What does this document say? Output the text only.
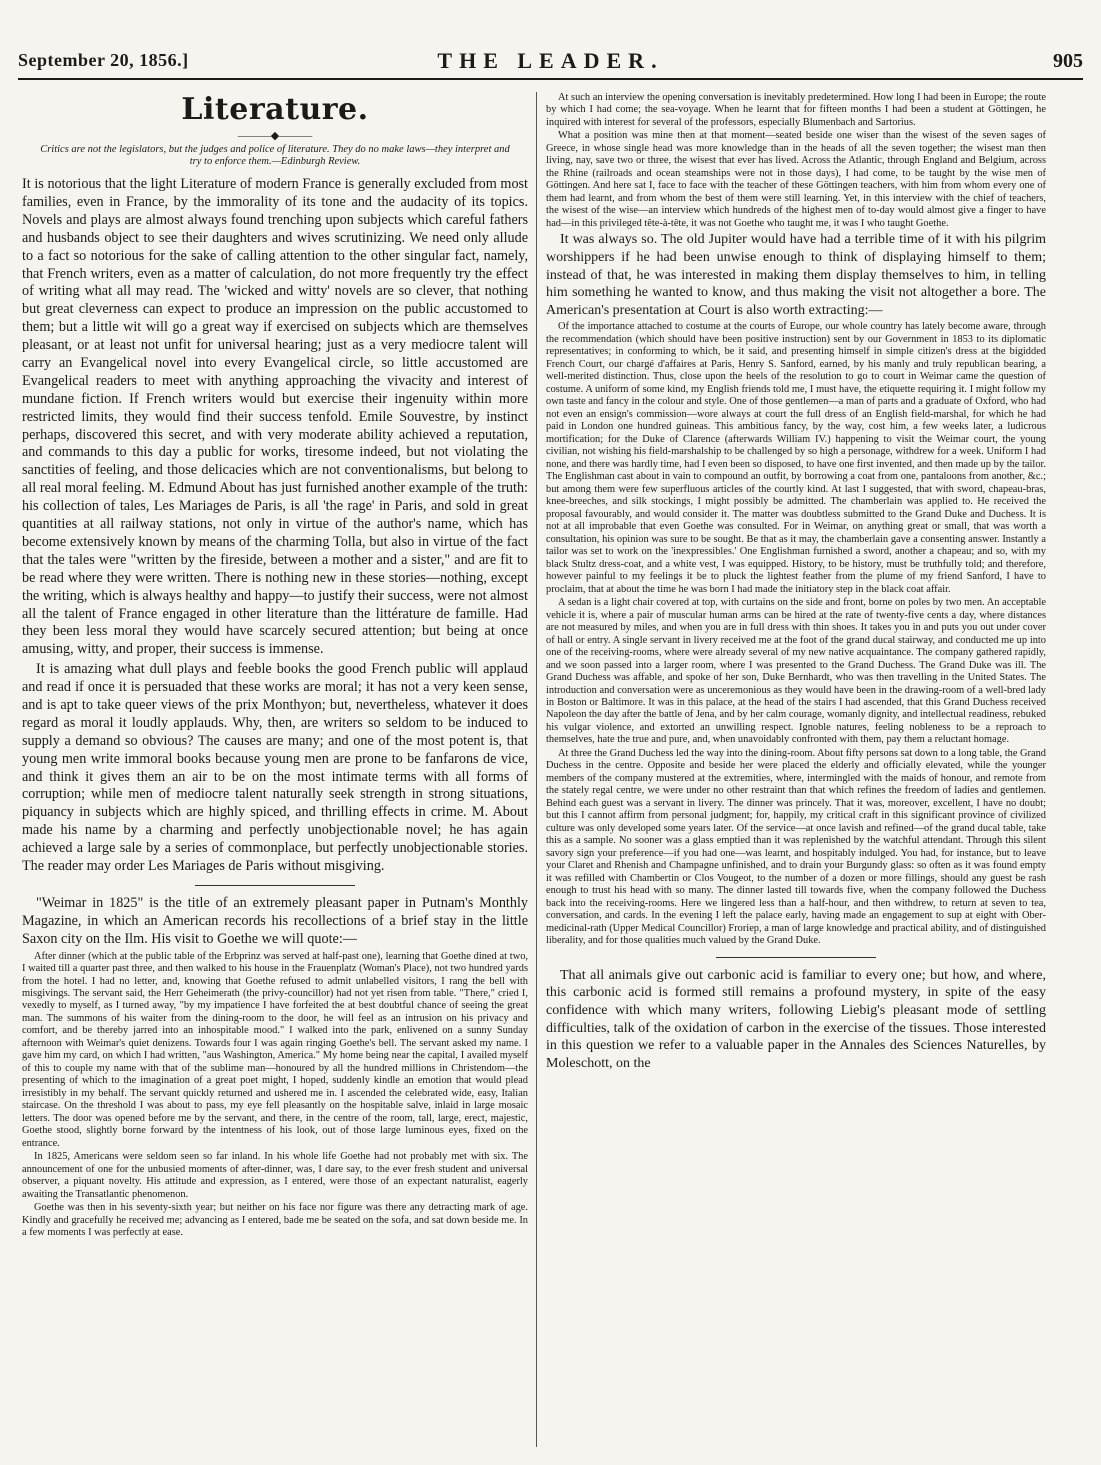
September 20, 1856.]	THE LEADER.	905
Literature.
———◆———
Critics are not the legislators, but the judges and police of literature. They do no make laws—they interpret and try to enforce them.—Edinburgh Review.

It is notorious that the light Literature of modern France is generally excluded from most families, even in France, by the immorality of its tone and the audacity of its topics. Novels and plays are almost always found trenching upon subjects which careful fathers and husbands object to see their daughters and wives scrutinizing. We need only allude to a fact so notorious for the sake of calling attention to the other singular fact, namely, that French writers, even as a matter of calculation, do not more frequently try the effect of writing what all may read. The 'wicked and witty' novels are so clever, that nothing but great cleverness can expect to produce an impression on the public accustomed to them; but a little wit will go a great way if exercised on subjects which are themselves pleasant, or at least not unfit for universal hearing; just as a very mediocre talent will carry an Evangelical novel into every Evangelical circle, so little accustomed are Evangelical readers to meet with anything approaching the vivacity and interest of mundane fiction. If French writers would but exercise their ingenuity within more restricted limits, they would find their success tenfold. Emile Souvestre, by instinct perhaps, discovered this secret, and with very moderate ability achieved a reputation, and commands to this day a public for works, tiresome indeed, but not violating the sanctities of feeling, and those delicacies which are not conventionalisms, but belong to all real moral feeling. M. Edmund About has just furnished another example of the truth: his collection of tales, Les Mariages de Paris, is all 'the rage' in Paris, and sold in great quantities at all railway stations, not only in virtue of the author's name, which has become extensively known by means of the charming Tolla, but also in virtue of the fact that the tales were "written by the fireside, between a mother and a sister," and are fit to be read where they were written. There is nothing new in these stories—nothing, except the writing, which is always healthy and happy—to justify their success, were not almost all the talent of France engaged in other literature than the littérature de famille. Had they been less moral they would have scarcely secured attention; but being at once amusing, witty, and proper, their success is immense.

It is amazing what dull plays and feeble books the good French public will applaud and read if once it is persuaded that these works are moral; it has not a very keen sense, and is apt to take queer views of the prix Monthyon; but, nevertheless, whatever it does regard as moral it loudly applauds. Why, then, are writers so seldom to be induced to supply a demand so obvious? The causes are many; and one of the most potent is, that young men write immoral books because young men are prone to be fanfarons de vice, and think it gives them an air to be on the most intimate terms with all forms of corruption; while men of mediocre talent naturally seek strength in strong situations, piquancy in subjects which are highly spiced, and thrilling effects in crime. M. About made his name by a charming and perfectly unobjectionable novel; he has again achieved a large sale by a series of commonplace, but perfectly unobjectionable stories. The reader may order Les Mariages de Paris without misgiving.

"Weimar in 1825" is the title of an extremely pleasant paper in Putnam's Monthly Magazine, in which an American records his recollections of a brief stay in the little Saxon city on the Ilm. His visit to Goethe we will quote:—

After dinner (which at the public table of the Erbprinz was served at half-past one), learning that Goethe dined at two, I waited till a quarter past three, and then walked to his house in the Frauenplatz (Woman's Place), not two hundred yards from the hotel. I had no letter, and, knowing that Goethe refused to admit unlabelled visitors, I rang the bell with misgivings. The servant said, the Herr Geheimerath (the privy-councillor) had not yet risen from table. "There," cried I, vexedly to myself, as I turned away, "by my impatience I have forfeited the at best doubtful chance of seeing the great man. The summons of his waiter from the dining-room to the door, he will feel as an intrusion on his privacy and comfort, and be thereby jarred into an inhospitable mood." I walked into the park, enlivened on a sunny Sunday afternoon with Weimar's quiet denizens. Towards four I was again ringing Goethe's bell. The servant asked my name. I gave him my card, on which I had written, "aus Washington, America." My home being near the capital, I availed myself of this to couple my name with that of the sublime man—honoured by all the hundred millions in Christendom—the presenting of which to the imagination of a great poet might, I hoped, suddenly kindle an emotion that would plead irresistibly in my behalf. The servant quickly returned and ushered me in. I ascended the celebrated wide, easy, Italian staircase. On the threshold I was about to pass, my eye fell pleasantly on the hospitable salve, inlaid in large mosaic letters. The door was opened before me by the servant, and there, in the centre of the room, tall, large, erect, majestic, Goethe stood, slightly borne forward by the intentness of his look, out of those large luminous eyes, fixed on the entrance.

In 1825, Americans were seldom seen so far inland. In his whole life Goethe had not probably met with six. The announcement of one for the unbusied moments of after-dinner, was, I dare say, to the ever fresh student and universal observer, a piquant novelty. His attitude and expression, as I entered, were those of an expectant naturalist, eagerly awaiting the Transatlantic phenomenon.

Goethe was then in his seventy-sixth year; but neither on his face nor figure was there any detracting mark of age. Kindly and gracefully he received me; advancing as I entered, bade me be seated on the sofa, and sat down beside me. In a few moments I was perfectly at ease.

At such an interview the opening conversation is inevitably predetermined. How long I had been in Europe; the route by which I had come; the sea-voyage. When he learnt that for fifteen months I had been a student at Göttingen, he inquired with interest for several of the professors, especially Blumenbach and Sartorius.

What a position was mine then at that moment—seated beside one wiser than the wisest of the seven sages of Greece, in whose single head was more knowledge than in the heads of all the seven together; the wisest man then living, nay, save two or three, the wisest that ever has lived. Across the Atlantic, through England and Belgium, across the Rhine (railroads and ocean steamships were not in those days), I had come, to be taught by the wise men of Göttingen. And here sat I, face to face with the teacher of these Göttingen teachers, with him from whom every one of them had learnt, and from whom the best of them were still learning. Yet, in this interview with the chief of teachers, the wisest of the wise—an interview which hundreds of the highest men of to-day would almost give a finger to have had—in this privileged tête-à-tête, it was not Goethe who taught me, it was I who taught Goethe.

It was always so. The old Jupiter would have had a terrible time of it with his pilgrim worshippers if he had been unwise enough to think of displaying himself to them; instead of that, he was interested in making them display themselves to him, in telling him something he wanted to know, and thus making the visit not altogether a bore. The American's presentation at Court is also worth extracting:—

Of the importance attached to costume at the courts of Europe, our whole country has lately become aware, through the recommendation (which should have been positive instruction) sent by our Government in 1853 to its diplomatic representatives; in conforming to which, be it said, and presenting himself in simple citizen's dress at the bigidded French Court, our chargé d'affaires at Paris, Henry S. Sanford, earned, by his manly and truly republican bearing, a well-merited distinction. Thus, close upon the heels of the resolution to go to court in Weimar came the question of costume. A uniform of some kind, my English friends told me, I must have, the etiquette requiring it. I might follow my own taste and fancy in the colour and style. One of those gentlemen—a man of parts and a graduate of Oxford, who had not even an ensign's commission—wore always at court the full dress of an English field-marshal, for which he had paid in London one hundred guineas. This ambitious fancy, by the way, cost him, a few weeks later, a ludicrous mortification; for the Duke of Clarence (afterwards William IV.) happening to visit the Weimar court, the young civilian, not wishing his field-marshalship to be challenged by so high a personage, withdrew for a week. Uniform I had none, and there was hardly time, had I even been so disposed, to have one first invented, and then made up by the tailor. The Englishman cast about in vain to compound an outfit, by borrowing a coat from one, pantaloons from another, &c.; but among them were few superfluous articles of the courtly kind. At last I suggested, that with sword, chapeau-bras, knee-breeches, and silk stockings, I might possibly be admitted. The chamberlain was applied to. He received the proposal favourably, and would consider it. The matter was doubtless submitted to the Grand Duke and Duchess. It is not at all improbable that even Goethe was consulted. For in Weimar, on anything great or small, that was worth a consultation, his opinion was sure to be sought. Be that as it may, the chamberlain gave a consenting answer. Instantly a tailor was set to work on the 'inexpressibles.' One Englishman furnished a sword, another a chapeau; and so, with my black Stultz dress-coat, and a white vest, I was equipped. History, to be history, must be truthfully told; and therefore, however painful to my feelings it be to pluck the lightest feather from the plume of my friend Sanford, I have to proclaim, that at about the time he was born I had made the initiatory step in the black coat affair.

A sedan is a light chair covered at top, with curtains on the side and front, borne on poles by two men. An acceptable vehicle it is, where a pair of muscular human arms can be hired at the rate of twenty-five cents a day, where distances are not measured by miles, and when you are in full dress with thin shoes. It takes you in and puts you out under cover of hall or entry. A single servant in livery received me at the foot of the grand ducal stairway, and conducted me up into one of the receiving-rooms, where were already several of my new native acquaintance. The company gathered rapidly, and we soon passed into a larger room, where I was presented to the Grand Duchess. The Grand Duke was ill. The Grand Duchess was affable, and spoke of her son, Duke Bernhardt, who was then travelling in the United States. The introduction and conversation were as unceremonious as they would have been in the drawing-room of a well-bred lady in Boston or Baltimore. It was in this palace, at the head of the stairs I had ascended, that this Grand Duchess received Napoleon the day after the battle of Jena, and by her calm courage, womanly dignity, and intellectual readiness, rebuked his vulgar violence, and extorted an unwilling respect. Ignoble natures, feeling nobleness to be a reproach to themselves, hate the true and pure, and, when unavoidably confronted with them, pay them a reluctant homage.

At three the Grand Duchess led the way into the dining-room. About fifty persons sat down to a long table, the Grand Duchess in the centre. Opposite and beside her were placed the elderly and officially elevated, while the younger members of the company mustered at the extremities, where, intermingled with the maids of honour, and remote from the stately regal centre, we were under no other restraint than that which refines the freedom of ladies and gentlemen. Behind each guest was a servant in livery. The dinner was princely. That it was, moreover, excellent, I have no doubt; but this I cannot affirm from personal judgment; for, happily, my critical craft in this significant province of civilized culture was only developed some years later. Of the service—at once lavish and refined—of the grand ducal table, take this as a sample. No sooner was a glass emptied than it was replenished by the watchful attendant. Through this silent savory sign your preference—if you had one—was learnt, and hospitably indulged. You had, for instance, but to leave your Claret and Rhenish and Champagne unfinished, and to drain your Burgundy glass: so often as it was found empty it was refilled with Chambertin or Clos Vougeot, to the number of a dozen or more fillings, should any guest be rash enough to trust his head with so many. The dinner lasted till towards five, when the company followed the Duchess back into the receiving-rooms. Here we lingered less than a half-hour, and then withdrew, to return at seven to tea, conversation, and cards. In the evening I left the palace early, having made an engagement to sup at eight with Ober-medicinal-rath (Upper Medical Councillor) Froriep, a man of large knowledge and practical ability, and of distinguished liberality, and for those qualities much valued by the Grand Duke.

That all animals give out carbonic acid is familiar to every one; but how, and where, this carbonic acid is formed still remains a profound mystery, in spite of the easy confidence with which many writers, following Liebig's pleasant mode of settling difficulties, talk of the oxidation of carbon in the exercise of the tissues. Those interested in this question we refer to a valuable paper in the Annales des Sciences Naturelles, by Moleschott, on the
